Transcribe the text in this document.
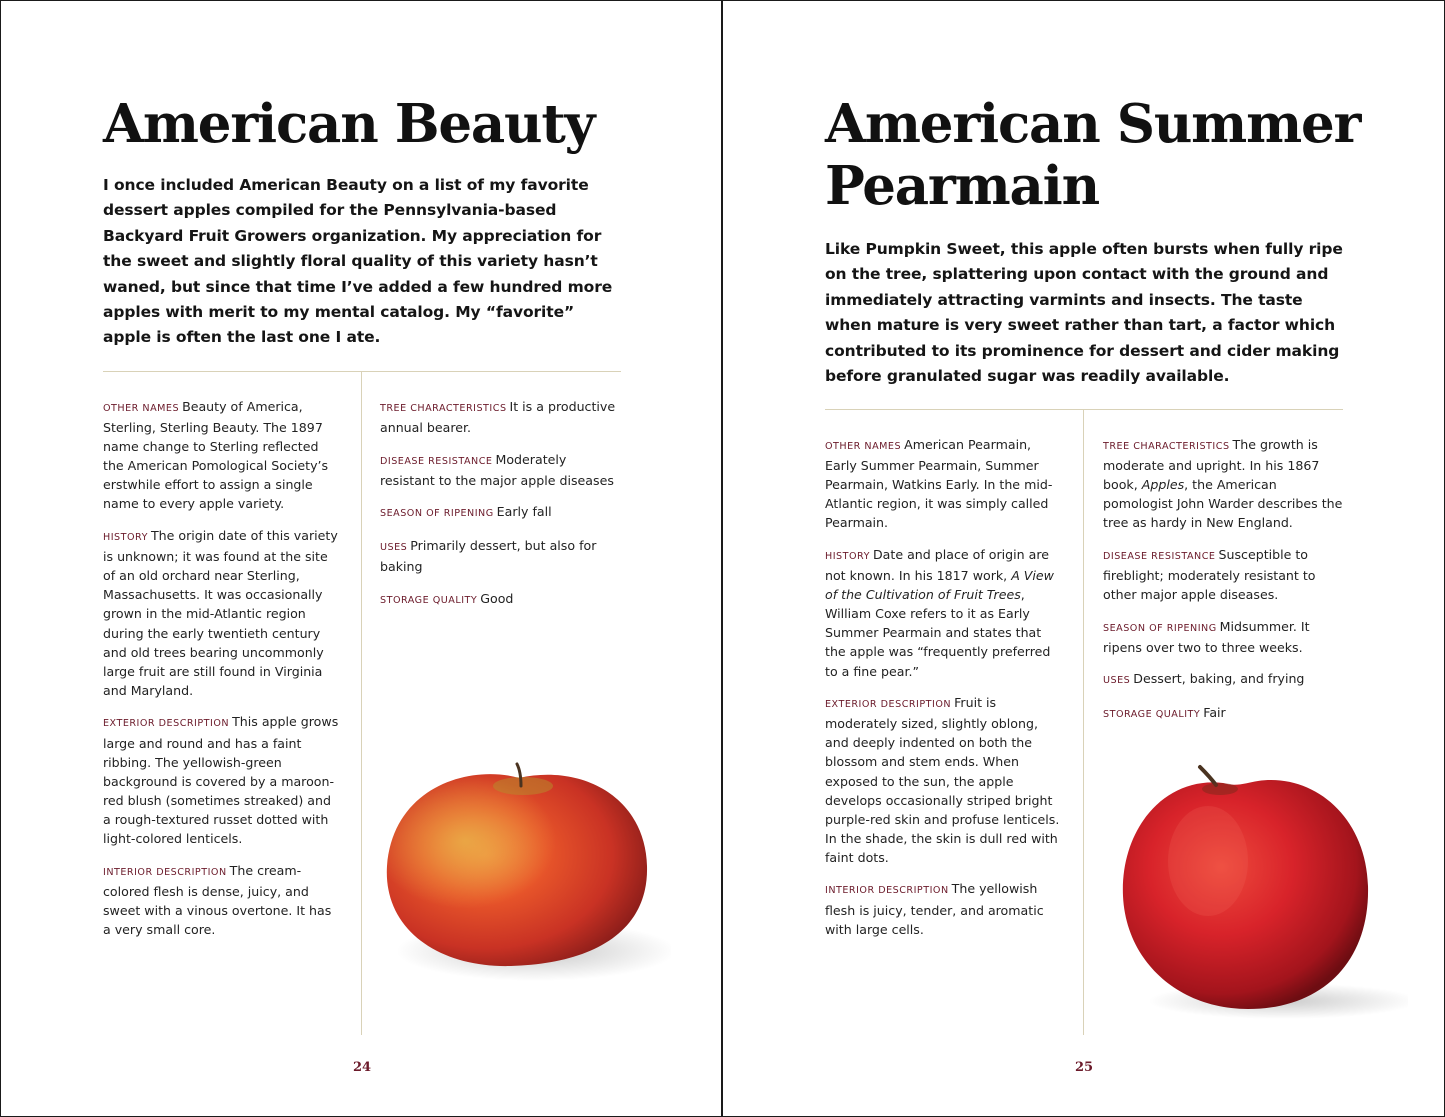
American Beauty

I once included American Beauty on a list of my favorite dessert apples compiled for the Pennsylvania-based Backyard Fruit Growers organization. My appreciation for the sweet and slightly floral quality of this variety hasn’t waned, but since that time I’ve added a few hundred more apples with merit to my mental catalog. My “favorite” apple is often the last one I ate.

OTHER NAMES Beauty of America, Sterling, Sterling Beauty. The 1897 name change to Sterling reflected the American Pomological Society’s erstwhile effort to assign a single name to every apple variety.

HISTORY The origin date of this variety is unknown; it was found at the site of an old orchard near Sterling, Massachusetts. It was occasionally grown in the mid-Atlantic region during the early twentieth century and old trees bearing uncommonly large fruit are still found in Virginia and Maryland.

EXTERIOR DESCRIPTION This apple grows large and round and has a faint ribbing. The yellowish-green background is covered by a maroon-red blush (sometimes streaked) and a rough-textured russet dotted with light-colored lenticels.

INTERIOR DESCRIPTION The cream-colored flesh is dense, juicy, and sweet with a vinous overtone. It has a very small core.

TREE CHARACTERISTICS It is a productive annual bearer.

DISEASE RESISTANCE Moderately resistant to the major apple diseases

SEASON OF RIPENING Early fall

USES Primarily dessert, but also for baking

STORAGE QUALITY Good

24
American Summer
Pearmain

Like Pumpkin Sweet, this apple often bursts when fully ripe on the tree, splattering upon contact with the ground and immediately attracting varmints and insects. The taste when mature is very sweet rather than tart, a factor which contributed to its prominence for dessert and cider making before granulated sugar was readily available.

OTHER NAMES American Pearmain, Early Summer Pearmain, Summer Pearmain, Watkins Early. In the mid-Atlantic region, it was simply called Pearmain.

HISTORY Date and place of origin are not known. In his 1817 work, A View of the Cultivation of Fruit Trees, William Coxe refers to it as Early Summer Pearmain and states that the apple was “frequently preferred to a fine pear.”

EXTERIOR DESCRIPTION Fruit is moderately sized, slightly oblong, and deeply indented on both the blossom and stem ends. When exposed to the sun, the apple develops occasionally striped bright purple-red skin and profuse lenticels. In the shade, the skin is dull red with faint dots.

INTERIOR DESCRIPTION The yellowish flesh is juicy, tender, and aromatic with large cells.

TREE CHARACTERISTICS The growth is moderate and upright. In his 1867 book, Apples, the American pomologist John Warder describes the tree as hardy in New England.

DISEASE RESISTANCE Susceptible to fireblight; moderately resistant to other major apple diseases.

SEASON OF RIPENING Midsummer. It ripens over two to three weeks.

USES Dessert, baking, and frying

STORAGE QUALITY Fair

25
